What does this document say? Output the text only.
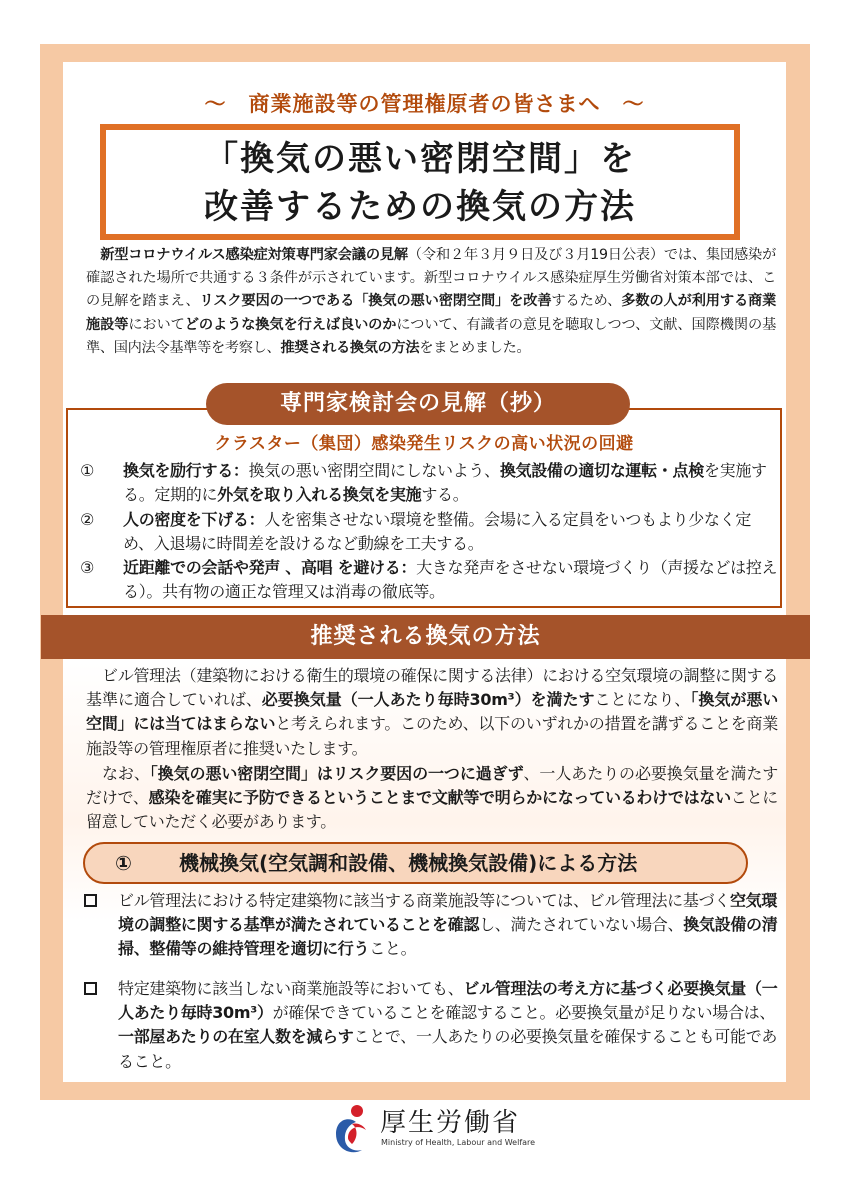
～　商業施設等の管理権原者の皆さまへ　～
「換気の悪い密閉空間」を
改善するための換気の方法

新型コロナウイルス感染症対策専門家会議の見解（令和２年３月９日及び３月19日公表）では、集団感染が確認された場所で共通する３条件が示されています。新型コロナウイルス感染症厚生労働省対策本部では、この見解を踏まえ、リスク要因の一つである「換気の悪い密閉空間」を改善するため、多数の人が利用する商業施設等においてどのような換気を行えば良いのかについて、有識者の意見を聴取しつつ、文献、国際機関の基準、国内法令基準等を考察し、推奨される換気の方法をまとめました。

専門家検討会の見解（抄）
クラスター（集団）感染発生リスクの高い状況の回避
①	換気を励行する：換気の悪い密閉空間にしないよう、換気設備の適切な運転・点検を実施する。定期的に外気を取り入れる換気を実施する。
②	人の密度を下げる：人を密集させない環境を整備。会場に入る定員をいつもより少なく定め、入退場に時間差を設けるなど動線を工夫する。
③	近距離での会話や発声 、高唱 を避ける：大きな発声をさせない環境づくり（声援などは控える）。共有物の適正な管理又は消毒の徹底等。
推奨される換気の方法

ビル管理法（建築物における衛生的環境の確保に関する法律）における空気環境の調整に関する基準に適合していれば、必要換気量（一人あたり毎時30m³）を満たすことになり、「換気が悪い空間」には当てはまらないと考えられます。このため、以下のいずれかの措置を講ずることを商業施設等の管理権原者に推奨いたします。

なお、「換気の悪い密閉空間」はリスク要因の一つに過ぎず、一人あたりの必要換気量を満たすだけで、感染を確実に予防できるということまで文献等で明らかになっているわけではないことに留意していただく必要があります。

① 機械換気(空気調和設備、機械換気設備)による方法
ビル管理法における特定建築物に該当する商業施設等については、ビル管理法に基づく空気環境の調整に関する基準が満たされていることを確認し、満たされていない場合、換気設備の清掃、整備等の維持管理を適切に行うこと。
特定建築物に該当しない商業施設等においても、ビル管理法の考え方に基づく必要換気量（一人あたり毎時30m³）が確保できていることを確認すること。必要換気量が足りない場合は、一部屋あたりの在室人数を減らすことで、一人あたりの必要換気量を確保することも可能であること。
厚生労働省
Ministry of Health, Labour and Welfare
